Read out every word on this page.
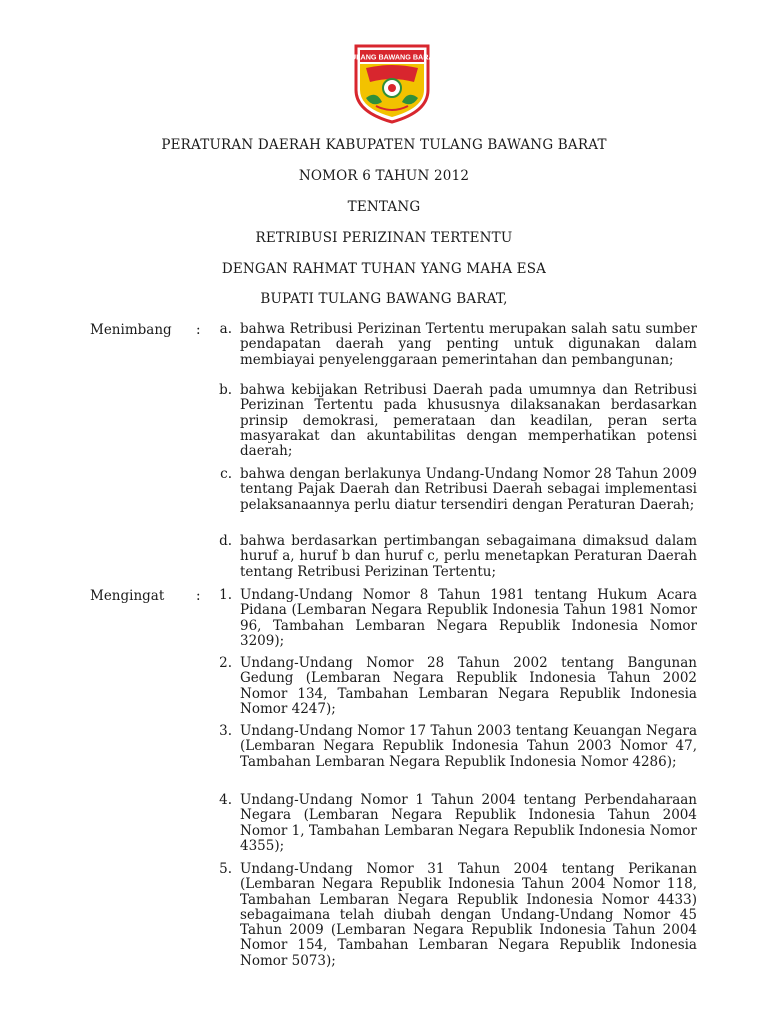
TULANG BAWANG BARAT
PERATURAN DAERAH KABUPATEN TULANG BAWANG BARAT
NOMOR 6 TAHUN 2012
TENTANG
RETRIBUSI PERIZINAN TERTENTU
DENGAN RAHMAT TUHAN YANG MAHA ESA
BUPATI TULANG BAWANG BARAT,
Menimbang :	a. bahwa Retribusi Perizinan Tertentu merupakan salah satu sumber pendapatan daerah yang penting untuk digunakan dalam membiayai penyelenggaraan pemerintahan dan pembangunan;
b. bahwa kebijakan Retribusi Daerah pada umumnya dan Retribusi Perizinan Tertentu pada khususnya dilaksanakan berdasarkan prinsip demokrasi, pemerataan dan keadilan, peran serta masyarakat dan akuntabilitas dengan memperhatikan potensi daerah;
c. bahwa dengan berlakunya Undang-Undang Nomor 28 Tahun 2009 tentang Pajak Daerah dan Retribusi Daerah sebagai implementasi pelaksanaannya perlu diatur tersendiri dengan Peraturan Daerah;
d. bahwa berdasarkan pertimbangan sebagaimana dimaksud dalam huruf a, huruf b dan huruf c, perlu menetapkan Peraturan Daerah tentang Retribusi Perizinan Tertentu;
Mengingat :	1. Undang-Undang Nomor 8 Tahun 1981 tentang Hukum Acara Pidana (Lembaran Negara Republik Indonesia Tahun 1981 Nomor 96, Tambahan Lembaran Negara Republik Indonesia Nomor 3209);
2. Undang-Undang Nomor 28 Tahun 2002 tentang Bangunan Gedung (Lembaran Negara Republik Indonesia Tahun 2002 Nomor 134, Tambahan Lembaran Negara Republik Indonesia Nomor 4247);
3. Undang-Undang Nomor 17 Tahun 2003 tentang Keuangan Negara (Lembaran Negara Republik Indonesia Tahun 2003 Nomor 47, Tambahan Lembaran Negara Republik Indonesia Nomor 4286);
4. Undang-Undang Nomor 1 Tahun 2004 tentang Perbendaharaan Negara (Lembaran Negara Republik Indonesia Tahun 2004 Nomor 1, Tambahan Lembaran Negara Republik Indonesia Nomor 4355);
5. Undang-Undang Nomor 31 Tahun 2004 tentang Perikanan (Lembaran Negara Republik Indonesia Tahun 2004 Nomor 118, Tambahan Lembaran Negara Republik Indonesia Nomor 4433) sebagaimana telah diubah dengan Undang-Undang Nomor 45 Tahun 2009 (Lembaran Negara Republik Indonesia Tahun 2004 Nomor 154, Tambahan Lembaran Negara Republik Indonesia Nomor 5073);
